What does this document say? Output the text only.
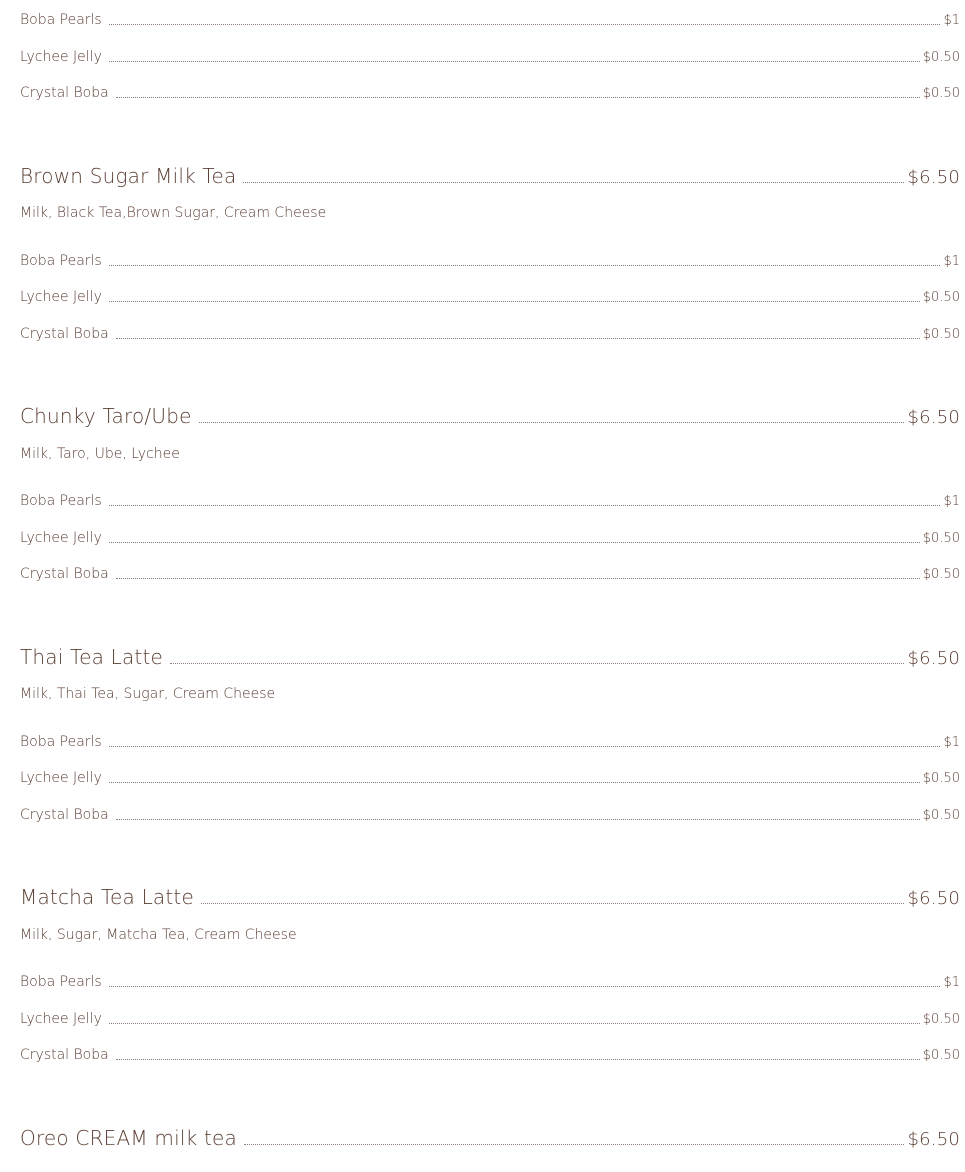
Boba Pearls	$1
Lychee Jelly	$0.50
Crystal Boba	$0.50
Brown Sugar Milk Tea	$6.50
Milk, Black Tea,Brown Sugar, Cream Cheese
Boba Pearls	$1
Lychee Jelly	$0.50
Crystal Boba	$0.50
Chunky Taro/Ube	$6.50
Milk, Taro, Ube, Lychee
Boba Pearls	$1
Lychee Jelly	$0.50
Crystal Boba	$0.50
Thai Tea Latte	$6.50
Milk, Thai Tea, Sugar, Cream Cheese
Boba Pearls	$1
Lychee Jelly	$0.50
Crystal Boba	$0.50
Matcha Tea Latte	$6.50
Milk, Sugar, Matcha Tea, Cream Cheese
Boba Pearls	$1
Lychee Jelly	$0.50
Crystal Boba	$0.50
Oreo CREAM milk tea	$6.50
